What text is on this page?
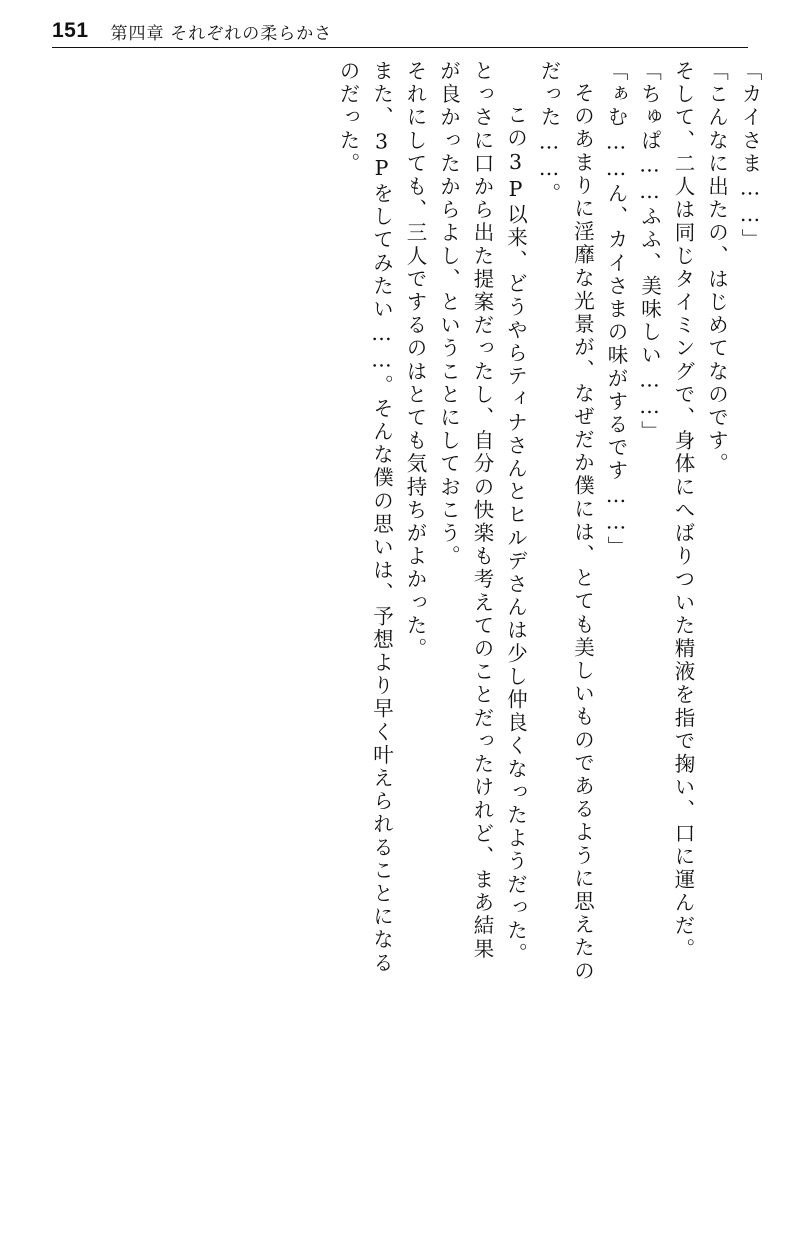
151 第四章 それぞれの柔らかさ
「カイさま……」
「こんなに出たの、はじめてなのです。
そして、二人は同じタイミングで、身体にへばりついた精液を指で掬い、口に運んだ。
「ちゅぱ……ふふ、美味しい……」
「ぁむ……ん、カイさまの味がするです……」
そのあまりに淫靡な光景が、なぜだか僕には、とても美しいものであるように思えたの
だった……。
この3P以来、どうやらティナさんとヒルデさんは少し仲良くなったようだった。
とっさに口から出た提案だったし、自分の快楽も考えてのことだったけれど、まあ結果
が良かったからよし、ということにしておこう。
それにしても、三人でするのはとても気持ちがよかった。
また、3Pをしてみたい……。そんな僕の思いは、予想より早く叶えられることになる
のだった。
